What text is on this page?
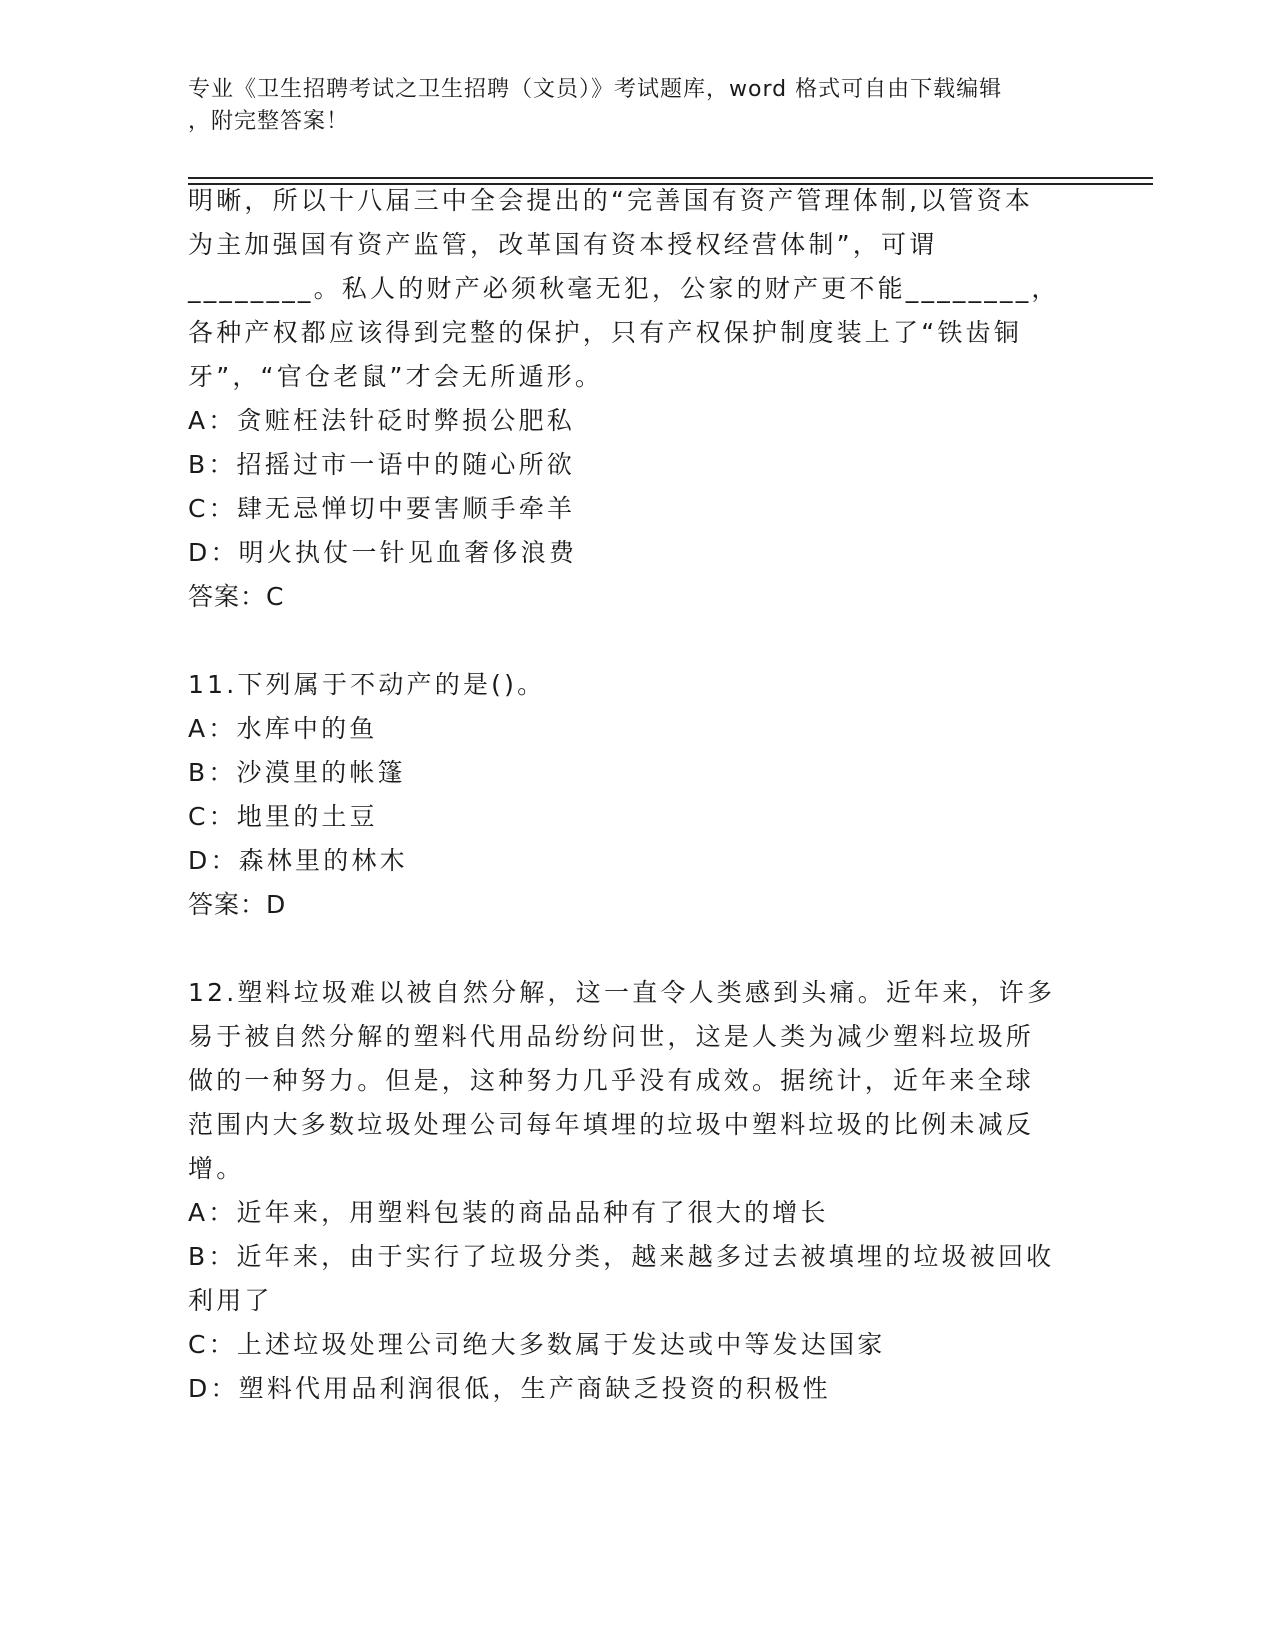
专业《卫生招聘考试之卫生招聘（文员）》考试题库，word 格式可自由下载编辑
，附完整答案！
明晰，所以十八届三中全会提出的“完善国有资产管理体制,以管资本
为主加强国有资产监管，改革国有资本授权经营体制”，可谓
________。私人的财产必须秋毫无犯，公家的财产更不能________，
各种产权都应该得到完整的保护，只有产权保护制度装上了“铁齿铜
牙”，“官仓老鼠”才会无所遁形。
A：贪赃枉法针砭时弊损公肥私
B：招摇过市一语中的随心所欲
C：肆无忌惮切中要害顺手牵羊
D：明火执仗一针见血奢侈浪费
答案：C
11.下列属于不动产的是()。
A：水库中的鱼
B：沙漠里的帐篷
C：地里的土豆
D：森林里的林木
答案：D
12.塑料垃圾难以被自然分解，这一直令人类感到头痛。近年来，许多
易于被自然分解的塑料代用品纷纷问世，这是人类为减少塑料垃圾所
做的一种努力。但是，这种努力几乎没有成效。据统计，近年来全球
范围内大多数垃圾处理公司每年填埋的垃圾中塑料垃圾的比例未减反
增。
A：近年来，用塑料包装的商品品种有了很大的增长
B：近年来，由于实行了垃圾分类，越来越多过去被填埋的垃圾被回收
利用了
C：上述垃圾处理公司绝大多数属于发达或中等发达国家
D：塑料代用品利润很低，生产商缺乏投资的积极性
